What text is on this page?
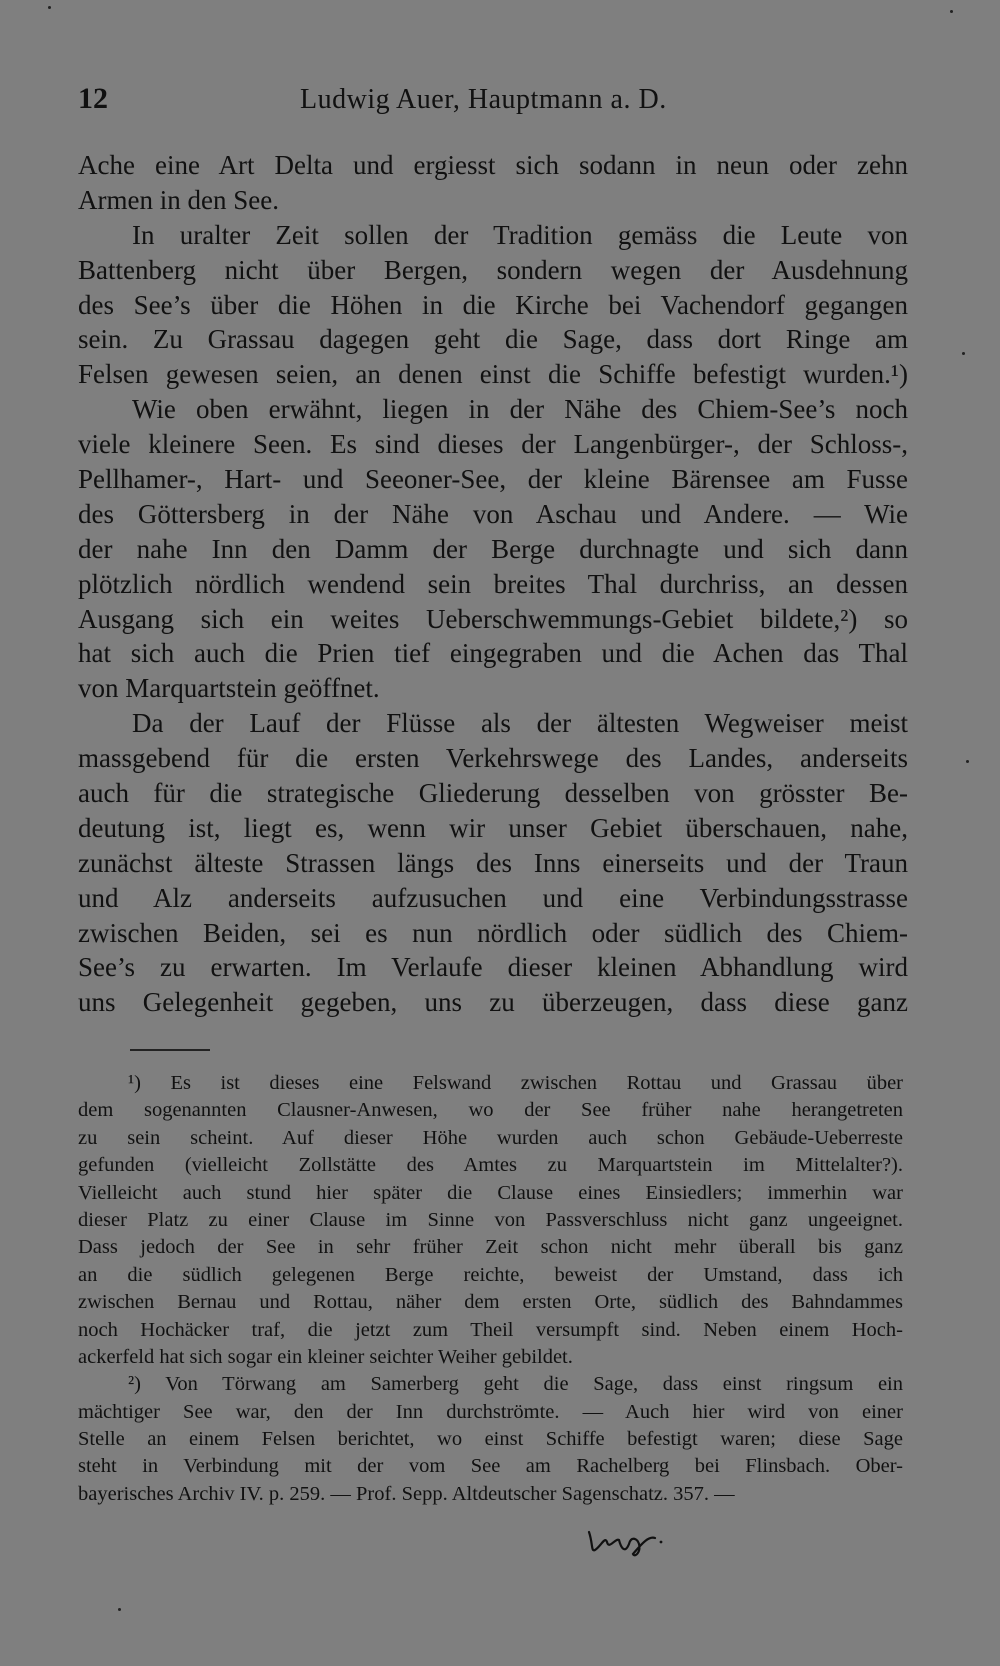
12	Ludwig Auer, Hauptmann a. D.
Ache eine Art Delta und ergiesst sich sodann in neun oder zehn
Armen in den See.
In uralter Zeit sollen der Tradition gemäss die Leute von
Battenberg nicht über Bergen, sondern wegen der Ausdehnung
des See’s über die Höhen in die Kirche bei Vachendorf gegangen
sein. Zu Grassau dagegen geht die Sage, dass dort Ringe am
Felsen gewesen seien, an denen einst die Schiffe befestigt wurden.¹)
Wie oben erwähnt, liegen in der Nähe des Chiem-See’s noch
viele kleinere Seen. Es sind dieses der Langenbürger-, der Schloss-,
Pellhamer-, Hart- und Seeoner-See, der kleine Bärensee am Fusse
des Göttersberg in der Nähe von Aschau und Andere. — Wie
der nahe Inn den Damm der Berge durchnagte und sich dann
plötzlich nördlich wendend sein breites Thal durchriss, an dessen
Ausgang sich ein weites Ueberschwemmungs-Gebiet bildete,²) so
hat sich auch die Prien tief eingegraben und die Achen das Thal
von Marquartstein geöffnet.
Da der Lauf der Flüsse als der ältesten Wegweiser meist
massgebend für die ersten Verkehrswege des Landes, anderseits
auch für die strategische Gliederung desselben von grösster Be-
deutung ist, liegt es, wenn wir unser Gebiet überschauen, nahe,
zunächst älteste Strassen längs des Inns einerseits und der Traun
und Alz anderseits aufzusuchen und eine Verbindungsstrasse
zwischen Beiden, sei es nun nördlich oder südlich des Chiem-
See’s zu erwarten. Im Verlaufe dieser kleinen Abhandlung wird
uns Gelegenheit gegeben, uns zu überzeugen, dass diese ganz
¹) Es ist dieses eine Felswand zwischen Rottau und Grassau über
dem sogenannten Clausner-Anwesen, wo der See früher nahe herangetreten
zu sein scheint. Auf dieser Höhe wurden auch schon Gebäude-Ueberreste
gefunden (vielleicht Zollstätte des Amtes zu Marquartstein im Mittelalter?).
Vielleicht auch stund hier später die Clause eines Einsiedlers; immerhin war
dieser Platz zu einer Clause im Sinne von Passverschluss nicht ganz ungeeignet.
Dass jedoch der See in sehr früher Zeit schon nicht mehr überall bis ganz
an die südlich gelegenen Berge reichte, beweist der Umstand, dass ich
zwischen Bernau und Rottau, näher dem ersten Orte, südlich des Bahndammes
noch Hochäcker traf, die jetzt zum Theil versumpft sind. Neben einem Hoch-
ackerfeld hat sich sogar ein kleiner seichter Weiher gebildet.
²) Von Törwang am Samerberg geht die Sage, dass einst ringsum ein
mächtiger See war, den der Inn durchströmte. — Auch hier wird von einer
Stelle an einem Felsen berichtet, wo einst Schiffe befestigt waren; diese Sage
steht in Verbindung mit der vom See am Rachelberg bei Flinsbach. Ober-
bayerisches Archiv IV. p. 259. — Prof. Sepp. Altdeutscher Sagenschatz. 357. —
